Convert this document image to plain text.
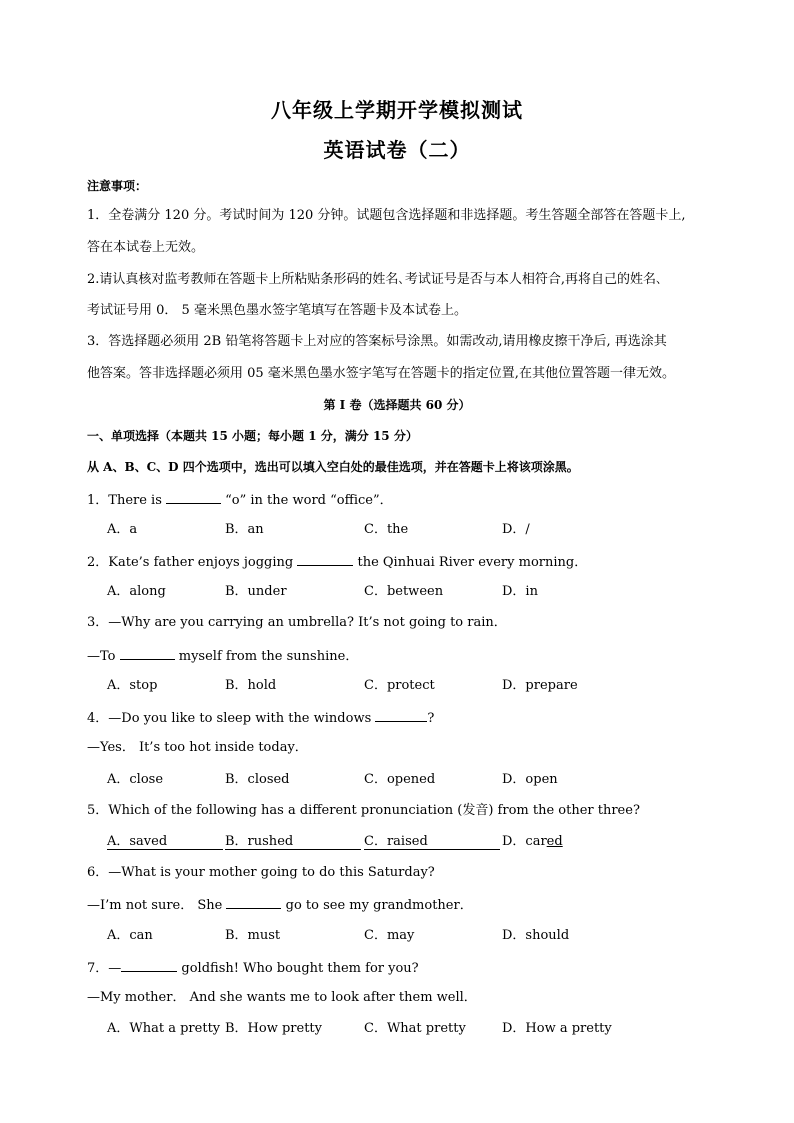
八年级上学期开学模拟测试
英语试卷（二）
注意事项：
1．全卷满分 120 分。考试时间为 120 分钟。试题包含选择题和非选择题。考生答题全部答在答题卡上,
答在本试卷上无效。
2.请认真核对监考教师在答题卡上所粘贴条形码的姓名､考试证号是否与本人相符合,再将自己的姓名､
考试证号用 0． 5 毫米黑色墨水签字笔填写在答题卡及本试卷上。
3．答选择题必须用 2B 铅笔将答题卡上对应的答案标号涂黑。如需改动,请用橡皮擦干净后, 再选涂其
他答案。答非选择题必须用 05 毫米黑色墨水签字笔写在答题卡的指定位置,在其他位置答题一律无效。
第 I 卷（选择题共 60 分）
一、单项选择（本题共 15 小题；每小题 1 分，满分 15 分）
从 A、B、C、D 四个选项中，选出可以填入空白处的最佳选项，并在答题卡上将该项涂黑。
1．There is	“o” in the word “office”．
A．a	B．an	C．the	D．/
2．Kate’s father enjoys jogging	the Qinhuai River every morning．
A．along	B．under	C．between	D．in
3．—Why are you carrying an umbrella? It’s not going to rain．
—To	myself from the sunshine．
A．stop	B．hold	C．protect	D．prepare
4．—Do you like to sleep with the windows	?
—Yes． It’s too hot inside today．
A．close	B．closed	C．opened	D．open
5．Which of the following has a different pronunciation (发音) from the other three?
A．saved	B．rushed	C．raised	D．cared
6．—What is your mother going to do this Saturday?
—I’m not sure． She	go to see my grandmother．
A．can	B．must	C．may	D．should
7．—	goldfish! Who bought them for you?
—My mother． And she wants me to look after them well．
A．What a pretty B．How pretty	C．What pretty	D．How a pretty
